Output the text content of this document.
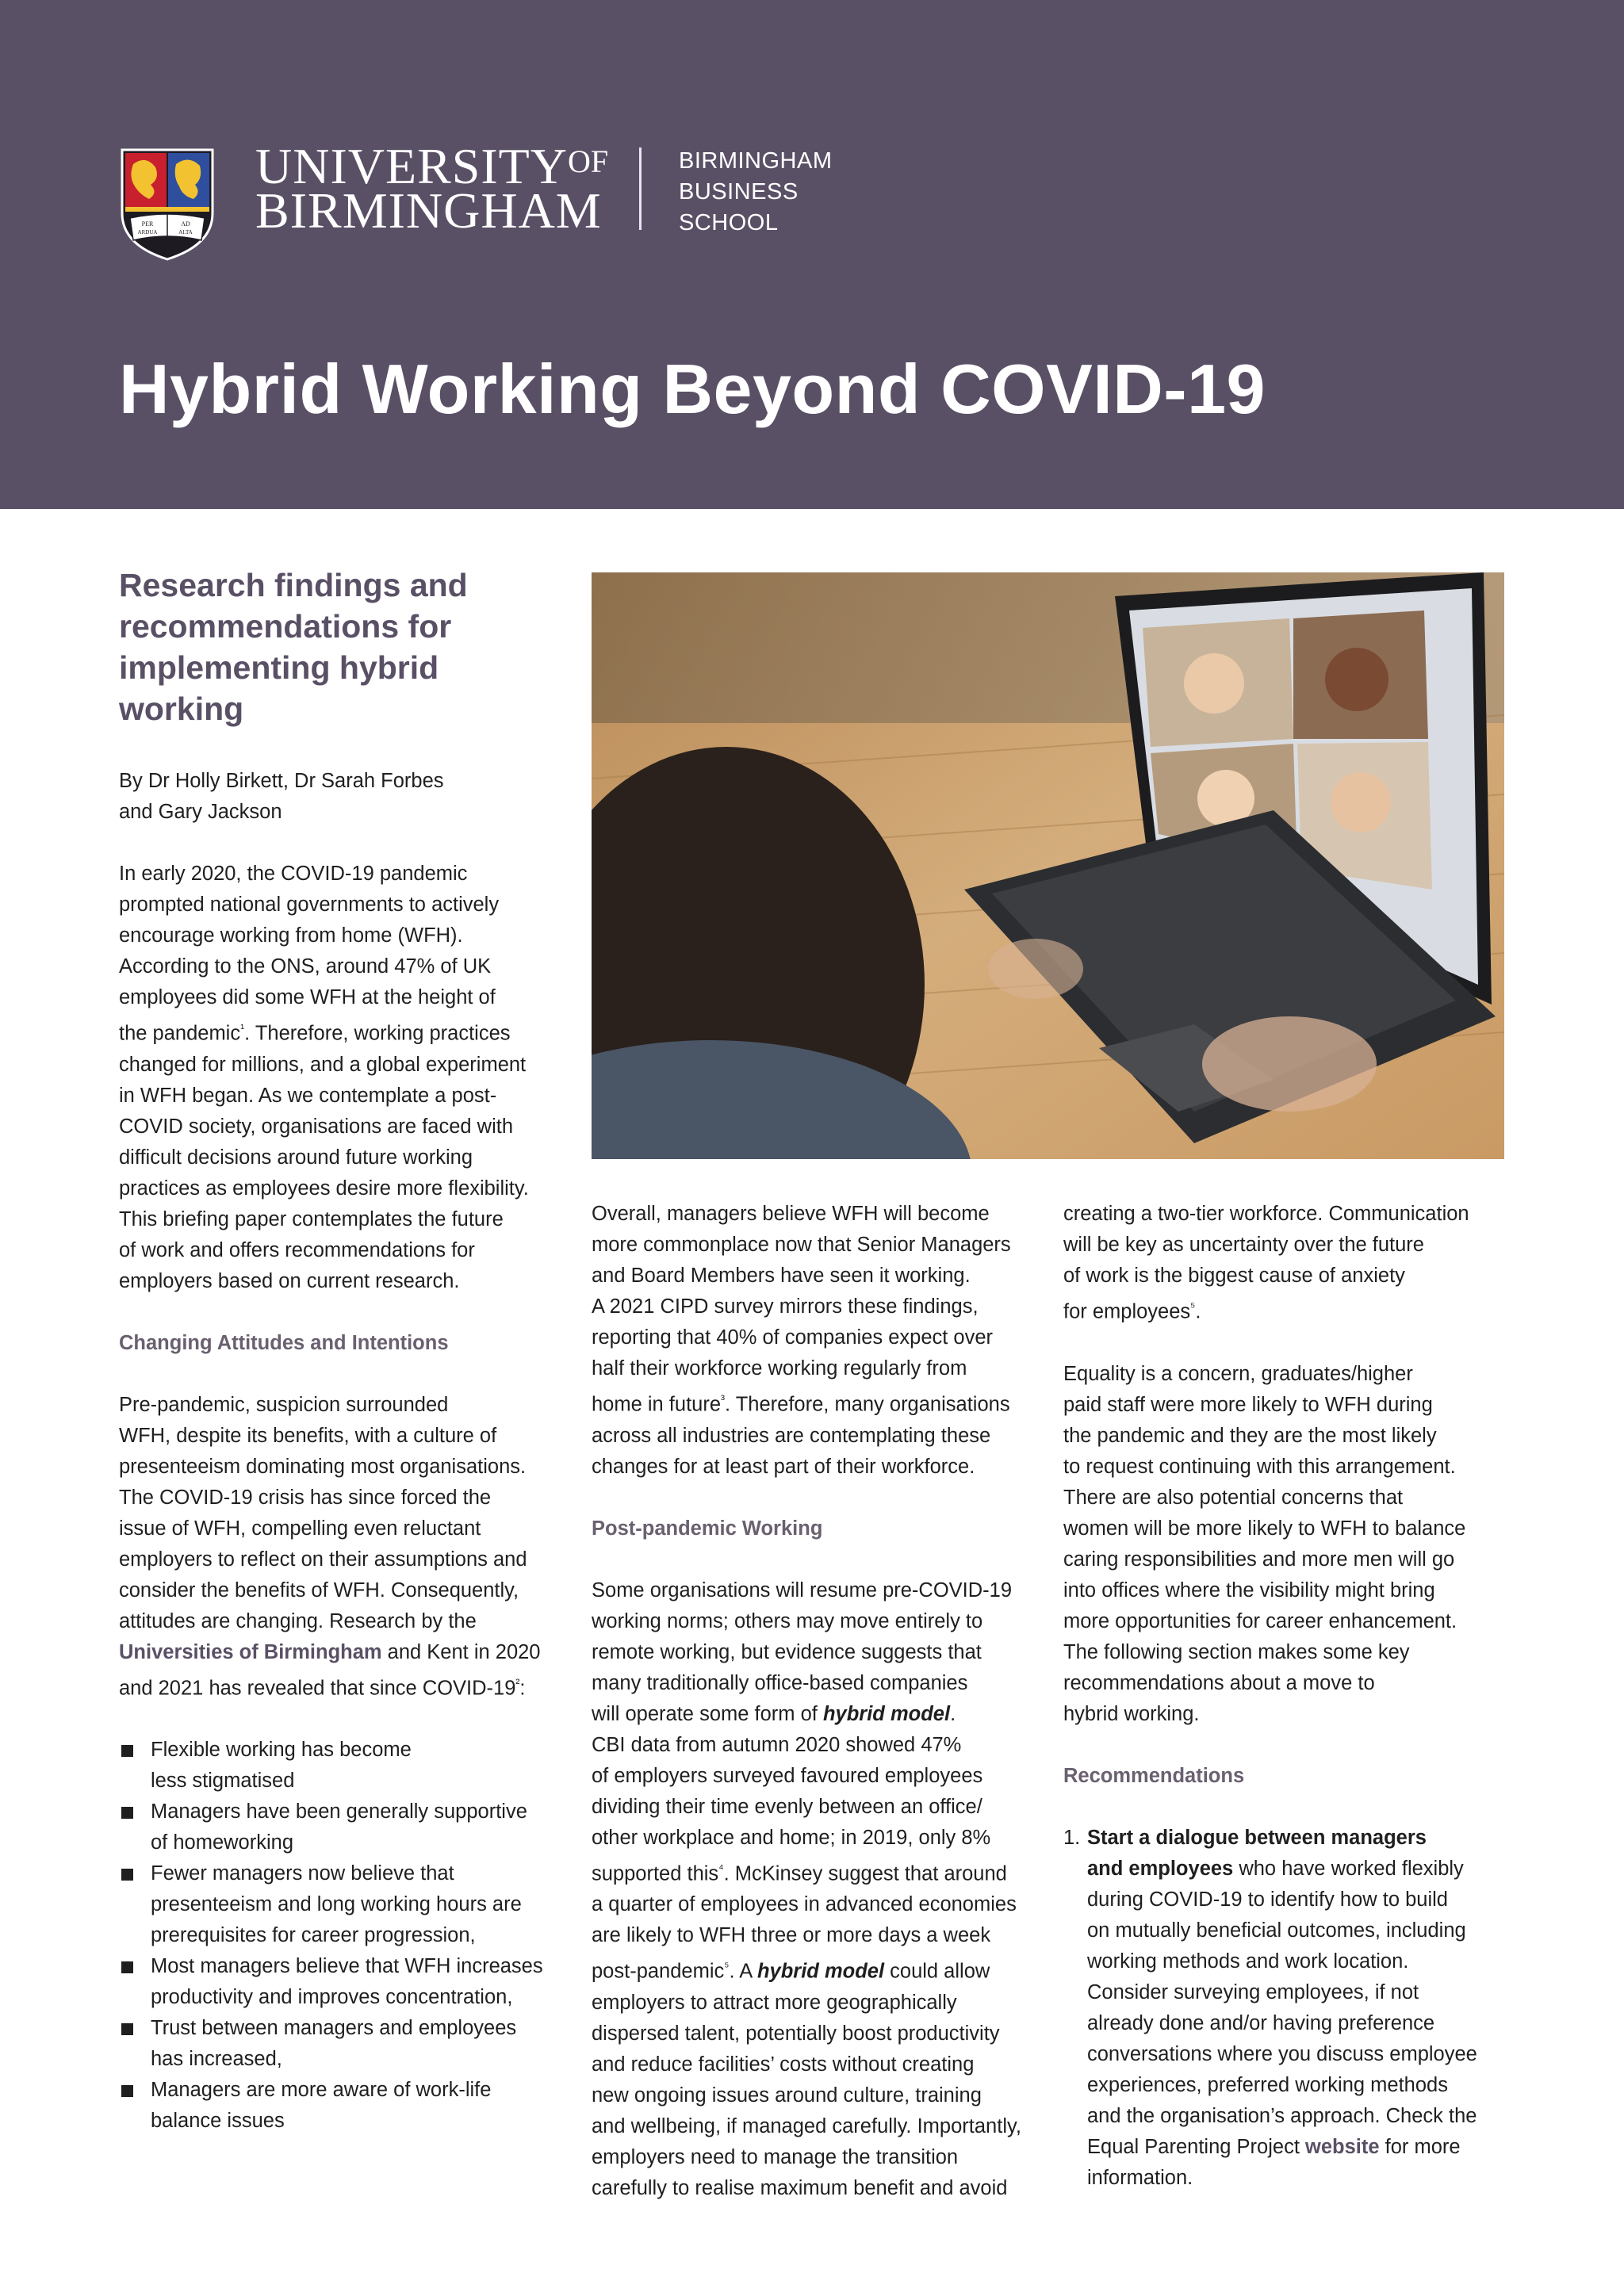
PER	AD
ARDUA	ALTA
$UNIVERSITY^{OF}$
BIRMINGHAM
BIRMINGHAM
BUSINESS
SCHOOL
Hybrid Working Beyond COVID-19
Research findings and recommendations for implementing hybrid working

By Dr Holly Birkett, Dr Sarah Forbes

and Gary Jackson

In early 2020, the COVID-19 pandemic

prompted national governments to actively

encourage working from home (WFH).

According to the ONS, around 47% of UK

employees did some WFH at the height of

the pandemic$^{^1}$. Therefore, working practices

changed for millions, and a global experiment

in WFH began. As we contemplate a post-

COVID society, organisations are faced with

difficult decisions around future working

practices as employees desire more flexibility.

This briefing paper contemplates the future

of work and offers recommendations for

employers based on current research.

Changing Attitudes and Intentions

Pre-pandemic, suspicion surrounded

WFH, despite its benefits, with a culture of

presenteeism dominating most organisations.

The COVID-19 crisis has since forced the

issue of WFH, compelling even reluctant

employers to reflect on their assumptions and

consider the benefits of WFH. Consequently,

attitudes are changing. Research by the

Universities of Birmingham and Kent in 2020

and 2021 has revealed that since COVID-$19^{^2}$:

Flexible working has become

less stigmatised

Managers have been generally supportive

of homeworking

Fewer managers now believe that

presenteeism and long working hours are

prerequisites for career progression,

Most managers believe that WFH increases

productivity and improves concentration,

Trust between managers and employees

has increased,

Managers are more aware of work-life

balance issues

Overall, managers believe WFH will become

more commonplace now that Senior Managers

and Board Members have seen it working.

A 2021 CIPD survey mirrors these findings,

reporting that 40% of companies expect over

half their workforce working regularly from

home in future$^{^3}$. Therefore, many organisations

across all industries are contemplating these

changes for at least part of their workforce.

Post-pandemic Working

Some organisations will resume pre-COVID-19

working norms; others may move entirely to

remote working, but evidence suggests that

many traditionally office-based companies

will operate some form of hybrid model.

CBI data from autumn 2020 showed 47%

of employers surveyed favoured employees

dividing their time evenly between an office/

other workplace and home; in 2019, only 8%

supported this$^{^4}$. McKinsey suggest that around

a quarter of employees in advanced economies

are likely to WFH three or more days a week

post-pandemic$^{^5}$. A hybrid model could allow

employers to attract more geographically

dispersed talent, potentially boost productivity

and reduce facilities’ costs without creating

new ongoing issues around culture, training

and wellbeing, if managed carefully. Importantly,

employers need to manage the transition

carefully to realise maximum benefit and avoid

creating a two-tier workforce. Communication

will be key as uncertainty over the future

of work is the biggest cause of anxiety

for employees$^{^5}$.

Equality is a concern, graduates/higher

paid staff were more likely to WFH during

the pandemic and they are the most likely

to request continuing with this arrangement.

There are also potential concerns that

women will be more likely to WFH to balance

caring responsibilities and more men will go

into offices where the visibility might bring

more opportunities for career enhancement.

The following section makes some key

recommendations about a move to

hybrid working.

Recommendations

1. Start a dialogue between managers

and employees who have worked flexibly

during COVID-19 to identify how to build

on mutually beneficial outcomes, including

working methods and work location.

Consider surveying employees, if not

already done and/or having preference

conversations where you discuss employee

experiences, preferred working methods

and the organisation’s approach. Check the

Equal Parenting Project website for more

information.
